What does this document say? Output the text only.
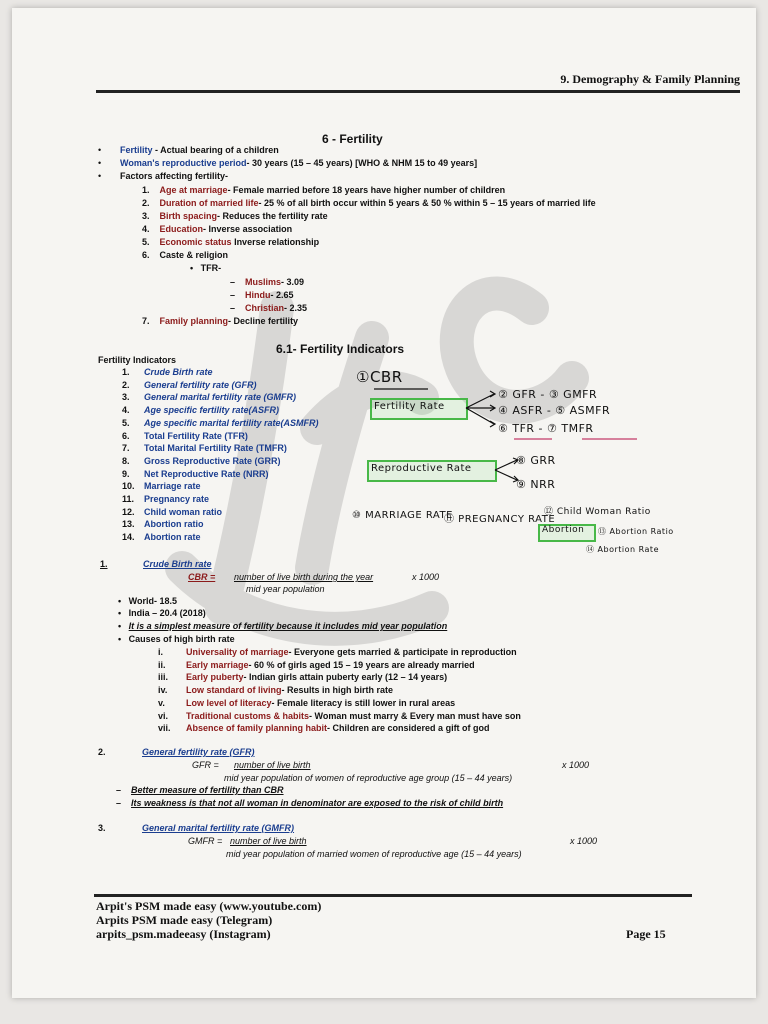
9. Demography & Family Planning
6 - Fertility
• Fertility - Actual bearing of a children
• Woman's reproductive period- 30 years (15 – 45 years) [WHO & NHM 15 to 49 years]
• Factors affecting fertility-
1. Age at marriage- Female married before 18 years have higher number of children
2. Duration of married life- 25 % of all birth occur within 5 years & 50 % within 5 – 15 years of married life
3. Birth spacing- Reduces the fertility rate
4. Education- Inverse association
5. Economic status Inverse relationship
6. Caste & religion
•   TFR-
–    Muslims- 3.09
–    Hindu- 2.65
–    Christian- 2.35
7. Family planning- Decline fertility
6.1- Fertility Indicators
Fertility Indicators
1. Crude Birth rate
2. General fertility rate (GFR)
3. General marital fertility rate (GMFR)
4. Age specific fertility rate(ASFR)
5. Age specific marital fertility rate(ASMFR)
6. Total Fertility Rate (TFR)
7. Total Marital Fertility Rate (TMFR)
8. Gross Reproductive Rate (GRR)
9. Net Reproductive Rate (NRR)
10. Marriage rate
11. Pregnancy rate
12. Child woman ratio
13. Abortion ratio
14. Abortion rate
①CBR
Fertility Rate
② GFR - ③ GMFR
④ ASFR - ⑤ ASMFR
⑥ TFR - ⑦ TMFR
Reproductive Rate
⑧ GRR
⑨ NRR
⑩ MARRIAGE RATE
⑪ PREGNANCY RATE
⑫ Child Woman Ratio
Abortion ⑬ Abortion Ratio
⑭ Abortion Rate
1.	Crude Birth rate
CBR = number of live birth during the year
mid year population
x 1000
•   World- 18.5
•   India – 20.4 (2018)
•   It is a simplest measure of fertility because it includes mid year population
•   Causes of high birth rate
i.	Universality of marriage- Everyone gets married & participate in reproduction
ii. Early marriage- 60 % of girls aged 15 – 19 years are already married
iii. Early puberty- Indian girls attain puberty early (12 – 14 years)
iv. Low standard of living- Results in high birth rate
v. Low level of literacy- Female literacy is still lower in rural areas
vi. Traditional customs & habits- Woman must marry & Every man must have son
vii. Absence of family planning habit- Children are considered a gift of god
2.	General fertility rate (GFR)
GFR = number of live birth
mid year population of women of reproductive age group (15 – 44 years)
x 1000
–    Better measure of fertility than CBR
–    Its weakness is that not all woman in denominator are exposed to the risk of child birth
3.	General marital fertility rate (GMFR)
GMFR = number of live birth
mid year population of married women of reproductive age (15 – 44 years)
x 1000
Arpit's PSM made easy (www.youtube.com)
Arpits PSM made easy (Telegram)
arpits_psm.madeeasy (Instagram)	Page 15
